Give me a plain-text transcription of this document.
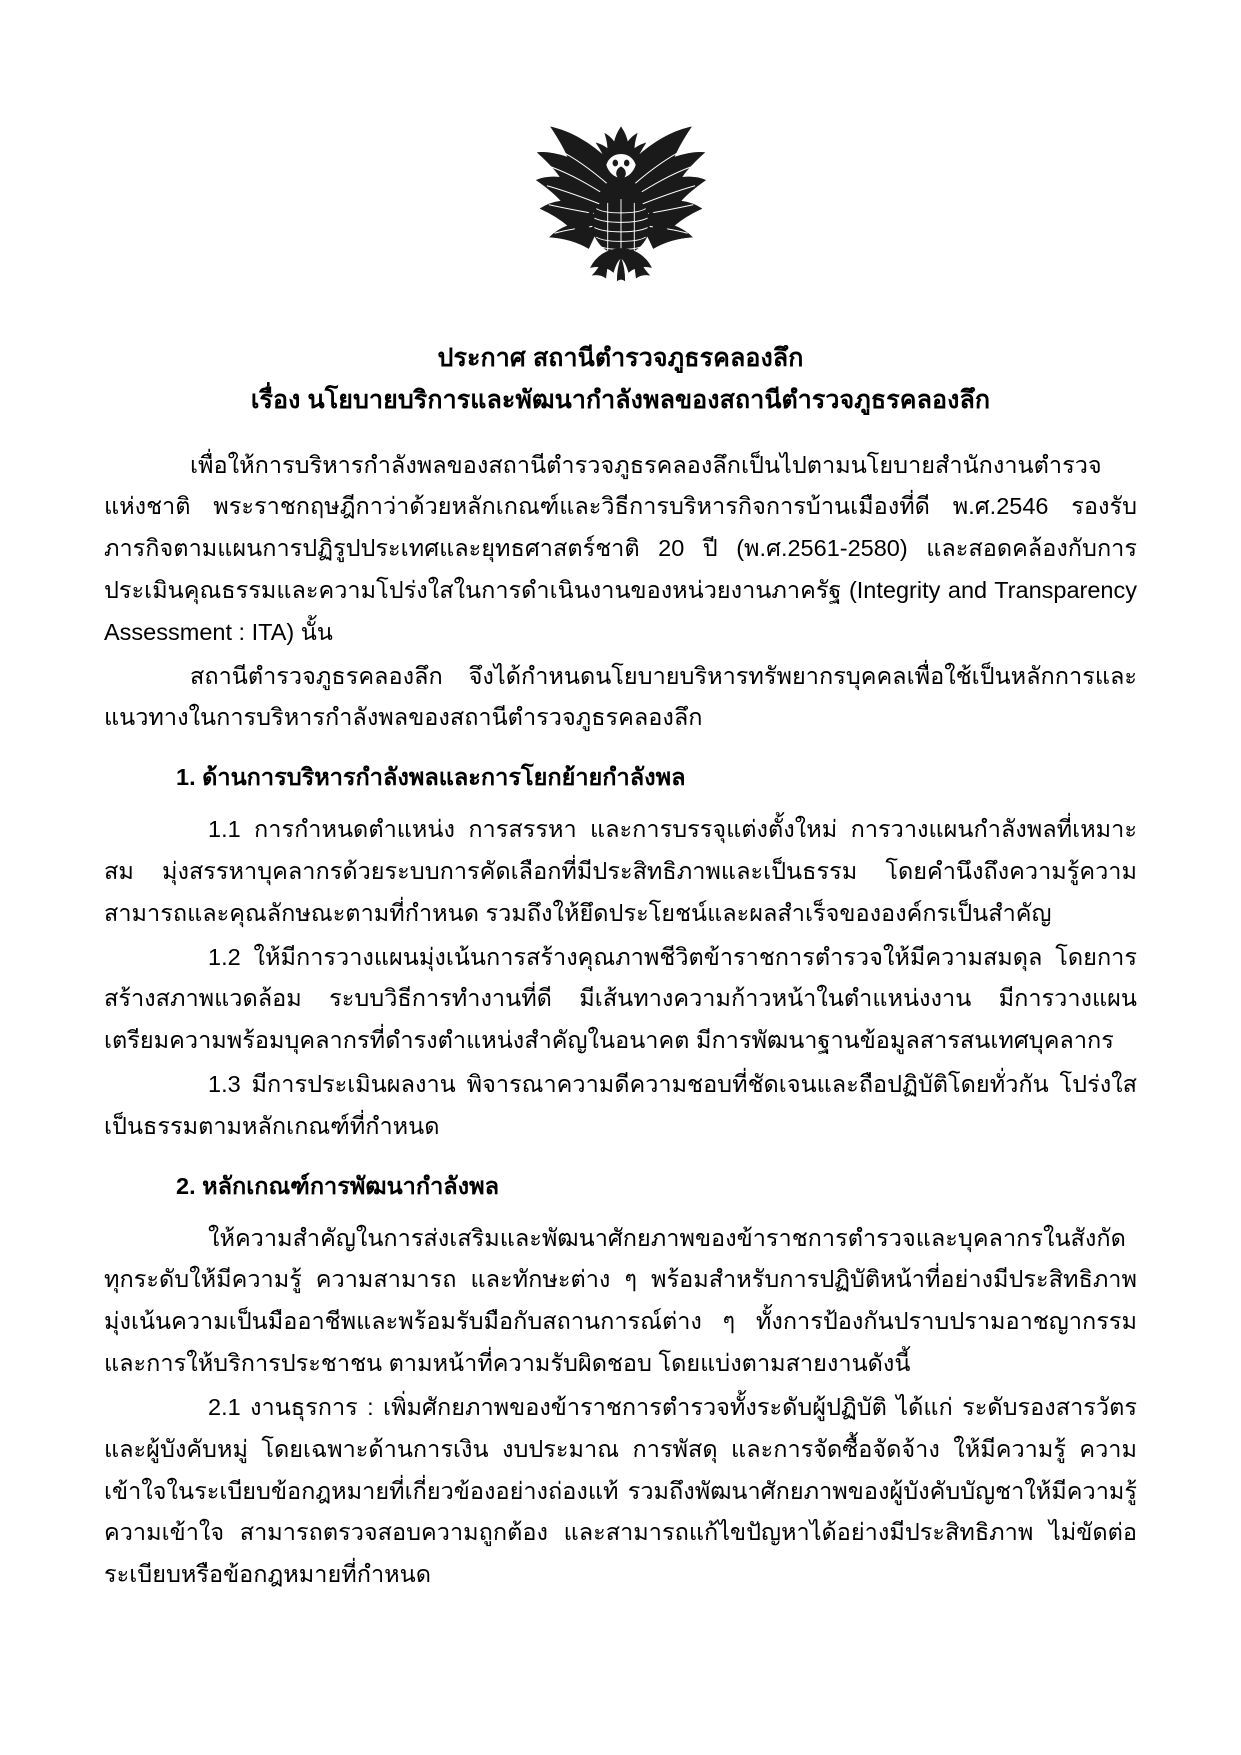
ประกาศ สถานีตำรวจภูธรคลองลึก
เรื่อง นโยบายบริการและพัฒนากำลังพลของสถานีตำรวจภูธรคลองลึก

เพื่อให้การบริหารกำลังพลของสถานีตำรวจภูธรคลองลึกเป็นไปตามนโยบายสำนักงานตำรวจแห่งชาติ พระราชกฤษฎีกาว่าด้วยหลักเกณฑ์และวิธีการบริหารกิจการบ้านเมืองที่ดี พ.ศ.2546 รองรับภารกิจตามแผนการปฏิรูปประเทศและยุทธศาสตร์ชาติ 20 ปี (พ.ศ.2561-2580) และสอดคล้องกับการประเมินคุณธรรมและความโปร่งใสในการดำเนินงานของหน่วยงานภาครัฐ (Integrity and Transparency Assessment : ITA) นั้น

สถานีตำรวจภูธรคลองลึก จึงได้กำหนดนโยบายบริหารทรัพยากรบุคคลเพื่อใช้เป็นหลักการและแนวทางในการบริหารกำลังพลของสถานีตำรวจภูธรคลองลึก

1. ด้านการบริหารกำลังพลและการโยกย้ายกำลังพล

1.1 การกำหนดตำแหน่ง การสรรหา และการบรรจุแต่งตั้งใหม่ การวางแผนกำลังพลที่เหมาะสม มุ่งสรรหาบุคลากรด้วยระบบการคัดเลือกที่มีประสิทธิภาพและเป็นธรรม โดยคำนึงถึงความรู้ความสามารถและคุณลักษณะตามที่กำหนด รวมถึงให้ยึดประโยชน์และผลสำเร็จขององค์กรเป็นสำคัญ

1.2 ให้มีการวางแผนมุ่งเน้นการสร้างคุณภาพชีวิตข้าราชการตำรวจให้มีความสมดุล โดยการสร้างสภาพแวดล้อม ระบบวิธีการทำงานที่ดี มีเส้นทางความก้าวหน้าในตำแหน่งงาน มีการวางแผนเตรียมความพร้อมบุคลากรที่ดำรงตำแหน่งสำคัญในอนาคต มีการพัฒนาฐานข้อมูลสารสนเทศบุคลากร

1.3 มีการประเมินผลงาน พิจารณาความดีความชอบที่ชัดเจนและถือปฏิบัติโดยทั่วกัน โปร่งใส เป็นธรรมตามหลักเกณฑ์ที่กำหนด

2. หลักเกณฑ์การพัฒนากำลังพล

ให้ความสำคัญในการส่งเสริมและพัฒนาศักยภาพของข้าราชการตำรวจและบุคลากรในสังกัดทุกระดับให้มีความรู้ ความสามารถ และทักษะต่าง ๆ พร้อมสำหรับการปฏิบัติหน้าที่อย่างมีประสิทธิภาพ มุ่งเน้นความเป็นมืออาชีพและพร้อมรับมือกับสถานการณ์ต่าง ๆ ทั้งการป้องกันปราบปรามอาชญากรรม และการให้บริการประชาชน ตามหน้าที่ความรับผิดชอบ โดยแบ่งตามสายงานดังนี้

2.1 งานธุรการ : เพิ่มศักยภาพของข้าราชการตำรวจทั้งระดับผู้ปฏิบัติ ได้แก่ ระดับรองสารวัตรและผู้บังคับหมู่ โดยเฉพาะด้านการเงิน งบประมาณ การพัสดุ และการจัดซื้อจัดจ้าง ให้มีความรู้ ความเข้าใจในระเบียบข้อกฎหมายที่เกี่ยวข้องอย่างถ่องแท้ รวมถึงพัฒนาศักยภาพของผู้บังคับบัญชาให้มีความรู้ความเข้าใจ สามารถตรวจสอบความถูกต้อง และสามารถแก้ไขปัญหาได้อย่างมีประสิทธิภาพ ไม่ขัดต่อระเบียบหรือข้อกฎหมายที่กำหนด
